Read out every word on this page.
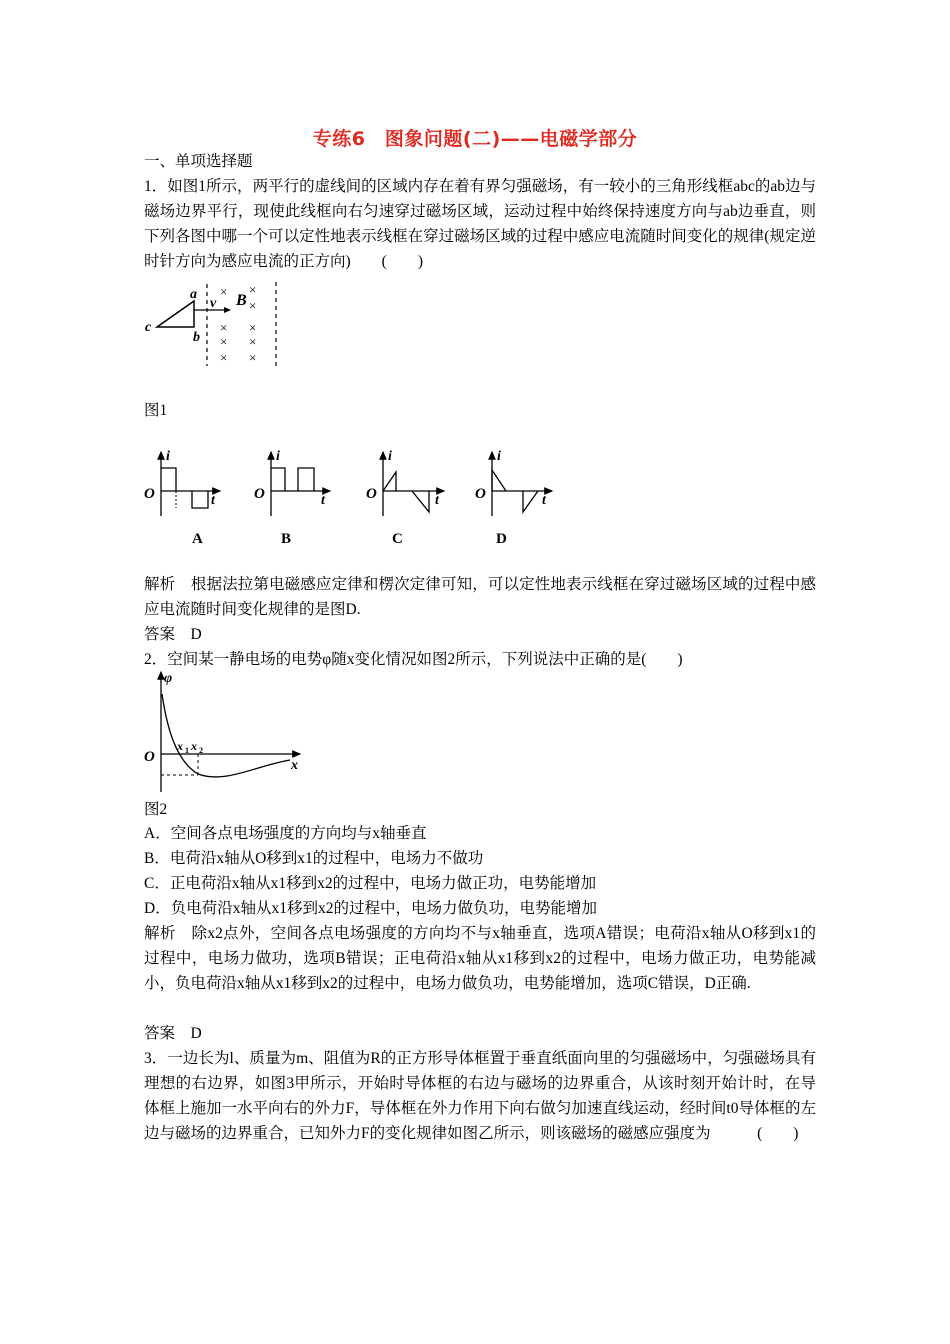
专练6　图象问题(二)——电磁学部分
一、单项选择题
1．如图1所示，两平行的虚线间的区域内存在着有界匀强磁场，有一较小的三角形线框abc的ab边与磁场边界平行，现使此线框向右匀速穿过磁场区域，运动过程中始终保持速度方向与ab边垂直，则下列各图中哪一个可以定性地表示线框在穿过磁场区域的过程中感应电流随时间变化的规律(规定逆时针方向为感应电流的正方向)　　(　　)
a
b
c
v B
× ×
×
× ×
× ×
× ×
图1
i
t
O
A
i
t
O
B
i
t
O
C
i
t
O
D
解析　根据法拉第电磁感应定律和楞次定律可知，可以定性地表示线框在穿过磁场区域的过程中感应电流随时间变化规律的是图D.
答案　D
2．空间某一静电场的电势φ随x变化情况如图2所示，下列说法中正确的是(　　)
φ
O
x
x 1 x 2
图2
A．空间各点电场强度的方向均与x轴垂直
B．电荷沿x轴从O移到x1的过程中，电场力不做功
C．正电荷沿x轴从x1移到x2的过程中，电场力做正功，电势能增加
D．负电荷沿x轴从x1移到x2的过程中，电场力做负功，电势能增加
解析　除x2点外，空间各点电场强度的方向均不与x轴垂直，选项A错误；电荷沿x轴从O移到x1的过程中，电场力做功，选项B错误；正电荷沿x轴从x1移到x2的过程中，电场力做正功，电势能减小，负电荷沿x轴从x1移到x2的过程中，电场力做负功，电势能增加，选项C错误，D正确.
答案　D
3．一边长为l、质量为m、阻值为R的正方形导体框置于垂直纸面向里的匀强磁场中，匀强磁场具有理想的右边界，如图3甲所示，开始时导体框的右边与磁场的边界重合，从该时刻开始计时，在导体框上施加一水平向右的外力F，导体框在外力作用下向右做匀加速直线运动，经时间t0导体框的左边与磁场的边界重合，已知外力F的变化规律如图乙所示，则该磁场的磁感应强度为　　　(　　)
